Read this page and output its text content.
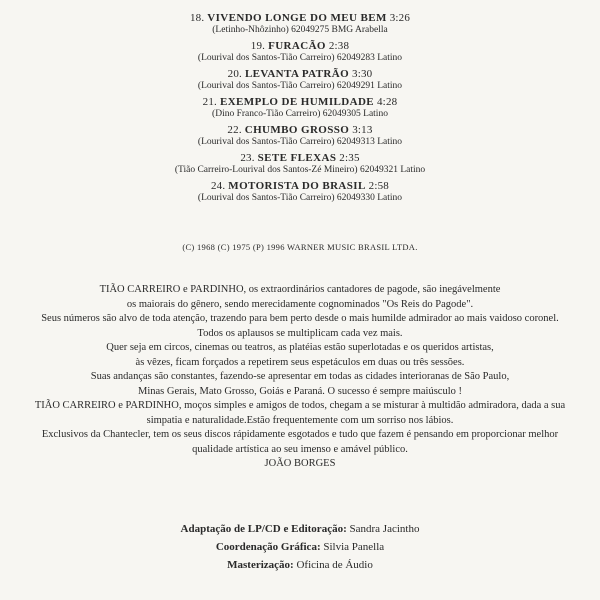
18. VIVENDO LONGE DO MEU BEM 3:26
(Letinho-Nhôzinho) 62049275 BMG Arabella
19. FURACÃO 2:38
(Lourival dos Santos-Tião Carreiro) 62049283 Latino
20. LEVANTA PATRÃO 3:30
(Lourival dos Santos-Tião Carreiro) 62049291 Latino
21. EXEMPLO DE HUMILDADE 4:28
(Dino Franco-Tião Carreiro) 62049305 Latino
22. CHUMBO GROSSO 3:13
(Lourival dos Santos-Tião Carreiro) 62049313 Latino
23. SETE FLEXAS 2:35
(Tião Carreiro-Lourival dos Santos-Zé Mineiro) 62049321 Latino
24. MOTORISTA DO BRASIL 2:58
(Lourival dos Santos-Tião Carreiro) 62049330 Latino
(C) 1968 (C) 1975 (P) 1996 WARNER MUSIC BRASIL LTDA.
TIÃO CARREIRO e PARDINHO, os extraordinários cantadores de pagode, são inegávelmente
os maiorais do gênero, sendo merecidamente cognominados "Os Reis do Pagode".
Seus números são alvo de toda atenção, trazendo para bem perto desde o mais humilde admirador ao mais vaidoso coronel.
Todos os aplausos se multiplicam cada vez mais.
Quer seja em circos, cinemas ou teatros, as platéias estão superlotadas e os queridos artistas,
às vêzes, ficam forçados a repetirem seus espetáculos em duas ou três sessões.
Suas andanças são constantes, fazendo-se apresentar em todas as cidades interioranas de São Paulo,
Minas Gerais, Mato Grosso, Goiás e Paraná. O sucesso é sempre maiúsculo !
TIÃO CARREIRO e PARDINHO, moços simples e amigos de todos, chegam a se misturar à multidão admiradora, dada a sua
simpatia e naturalidade.Estão frequentemente com um sorriso nos lábios.
Exclusivos da Chantecler, tem os seus discos rápidamente esgotados e tudo que fazem é pensando em proporcionar melhor
qualidade artística ao seu imenso e amável público.
JOÃO BORGES
Adaptação de LP/CD e Editoração: Sandra Jacintho
Coordenação Gráfica: Silvia Panella
Masterização: Oficina de Áudio
